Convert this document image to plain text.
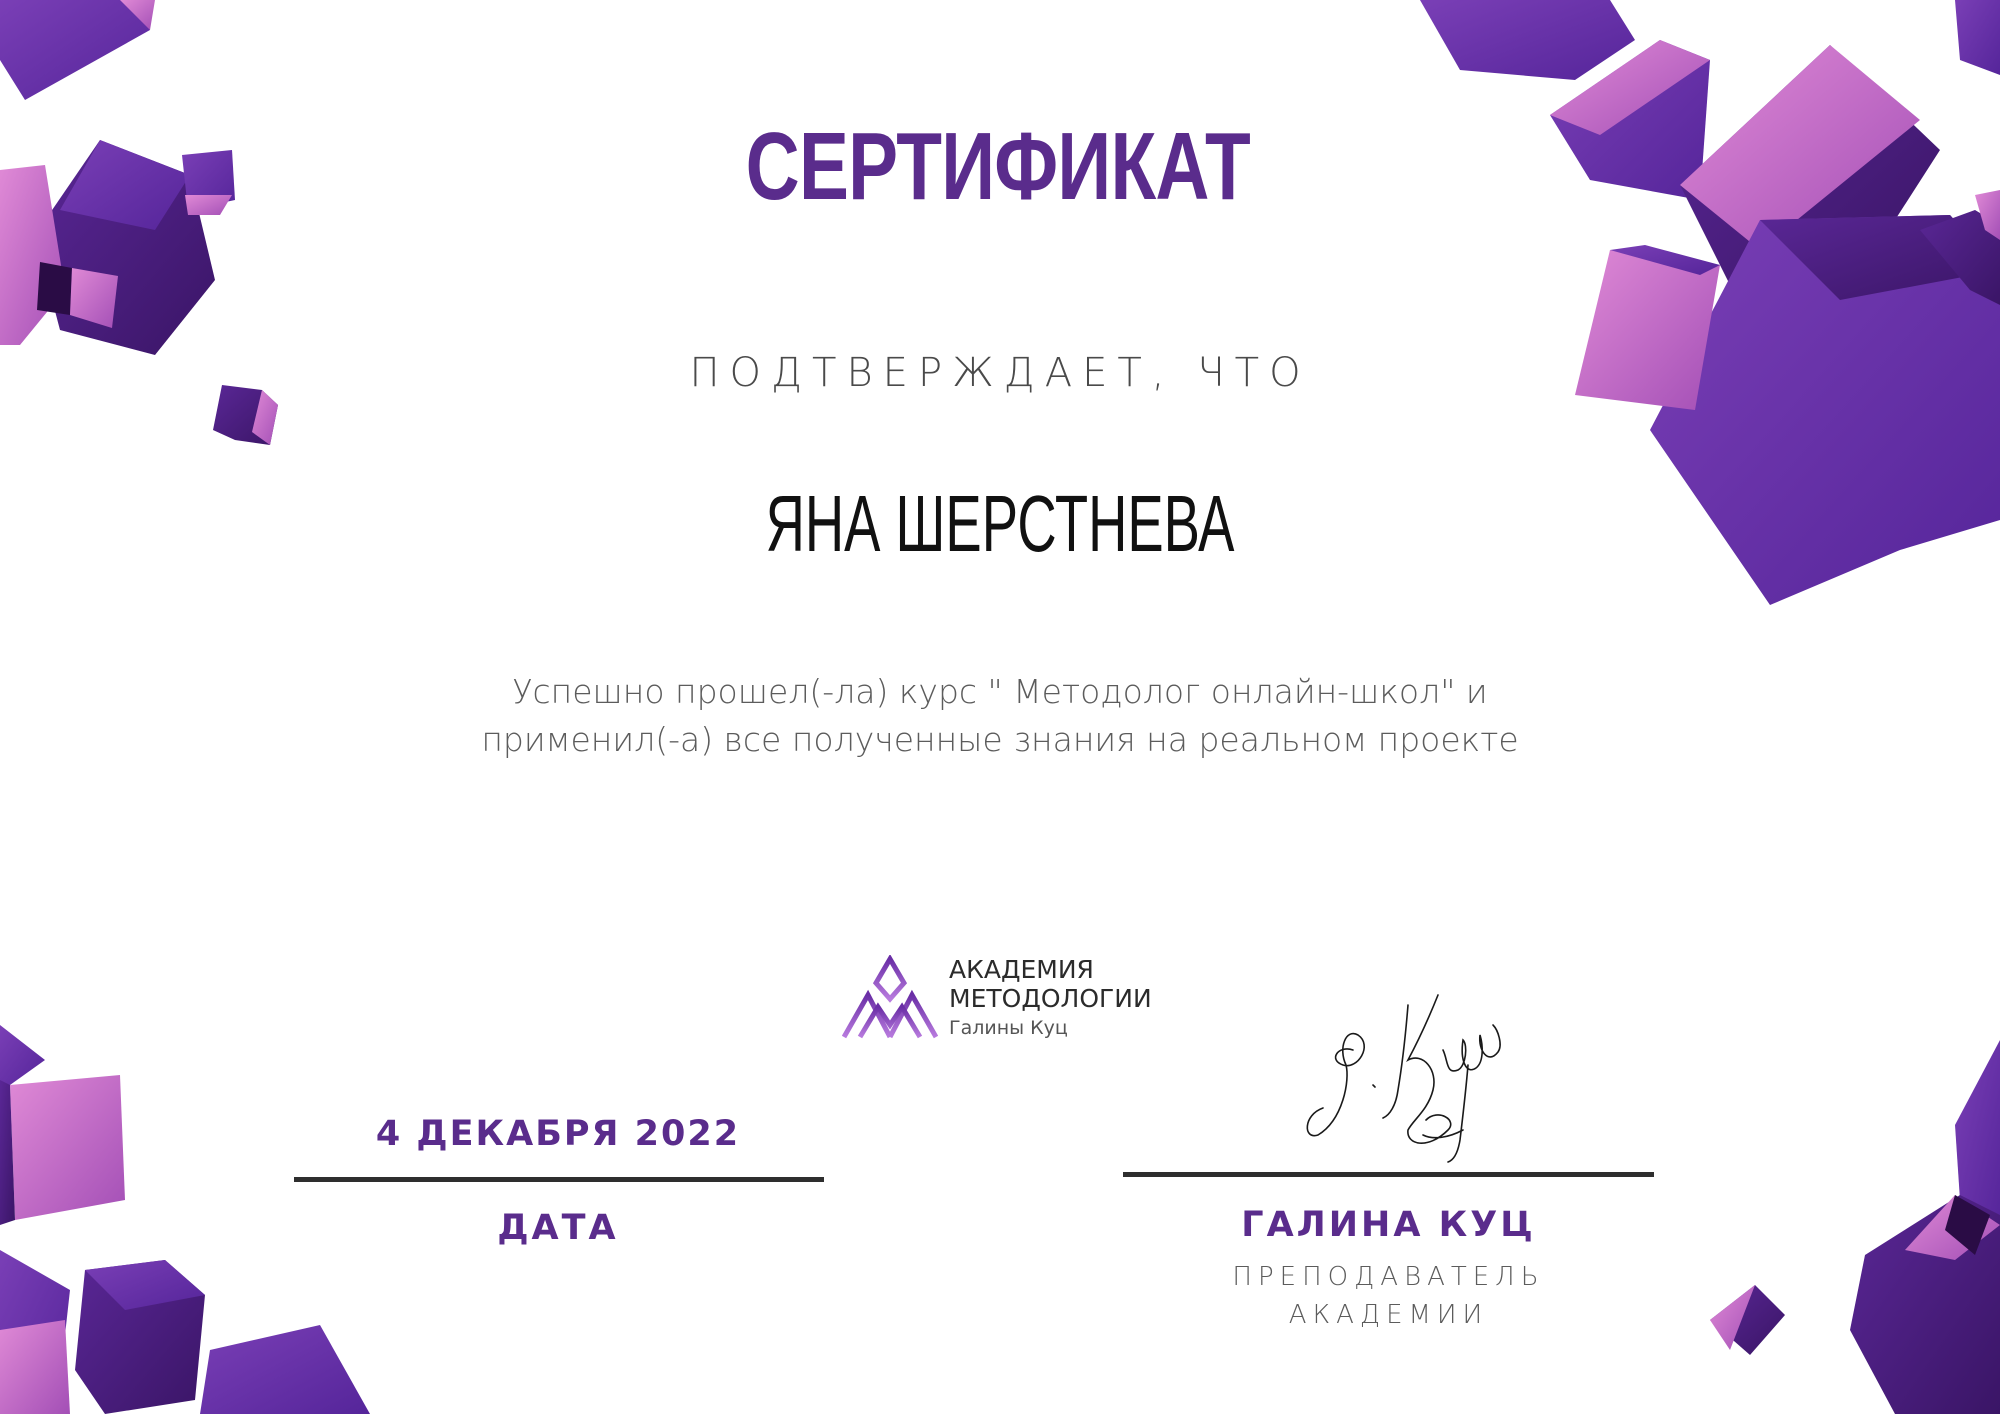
СЕРТИФИКАТ
ПОДТВЕРЖДАЕТ, ЧТО
ЯНА ШЕРСТНЕВА
Успешно прошел(-ла) курс " Методолог онлайн-школ" и
применил(-а) все полученные знания на реальном проекте
АКАДЕМИЯ
МЕТОДОЛОГИИ
Галины Куц
4 ДЕКАБРЯ 2022
ДАТА	ГАЛИНА КУЦ
ПРЕПОДАВАТЕЛЬ
АКАДЕМИИ
